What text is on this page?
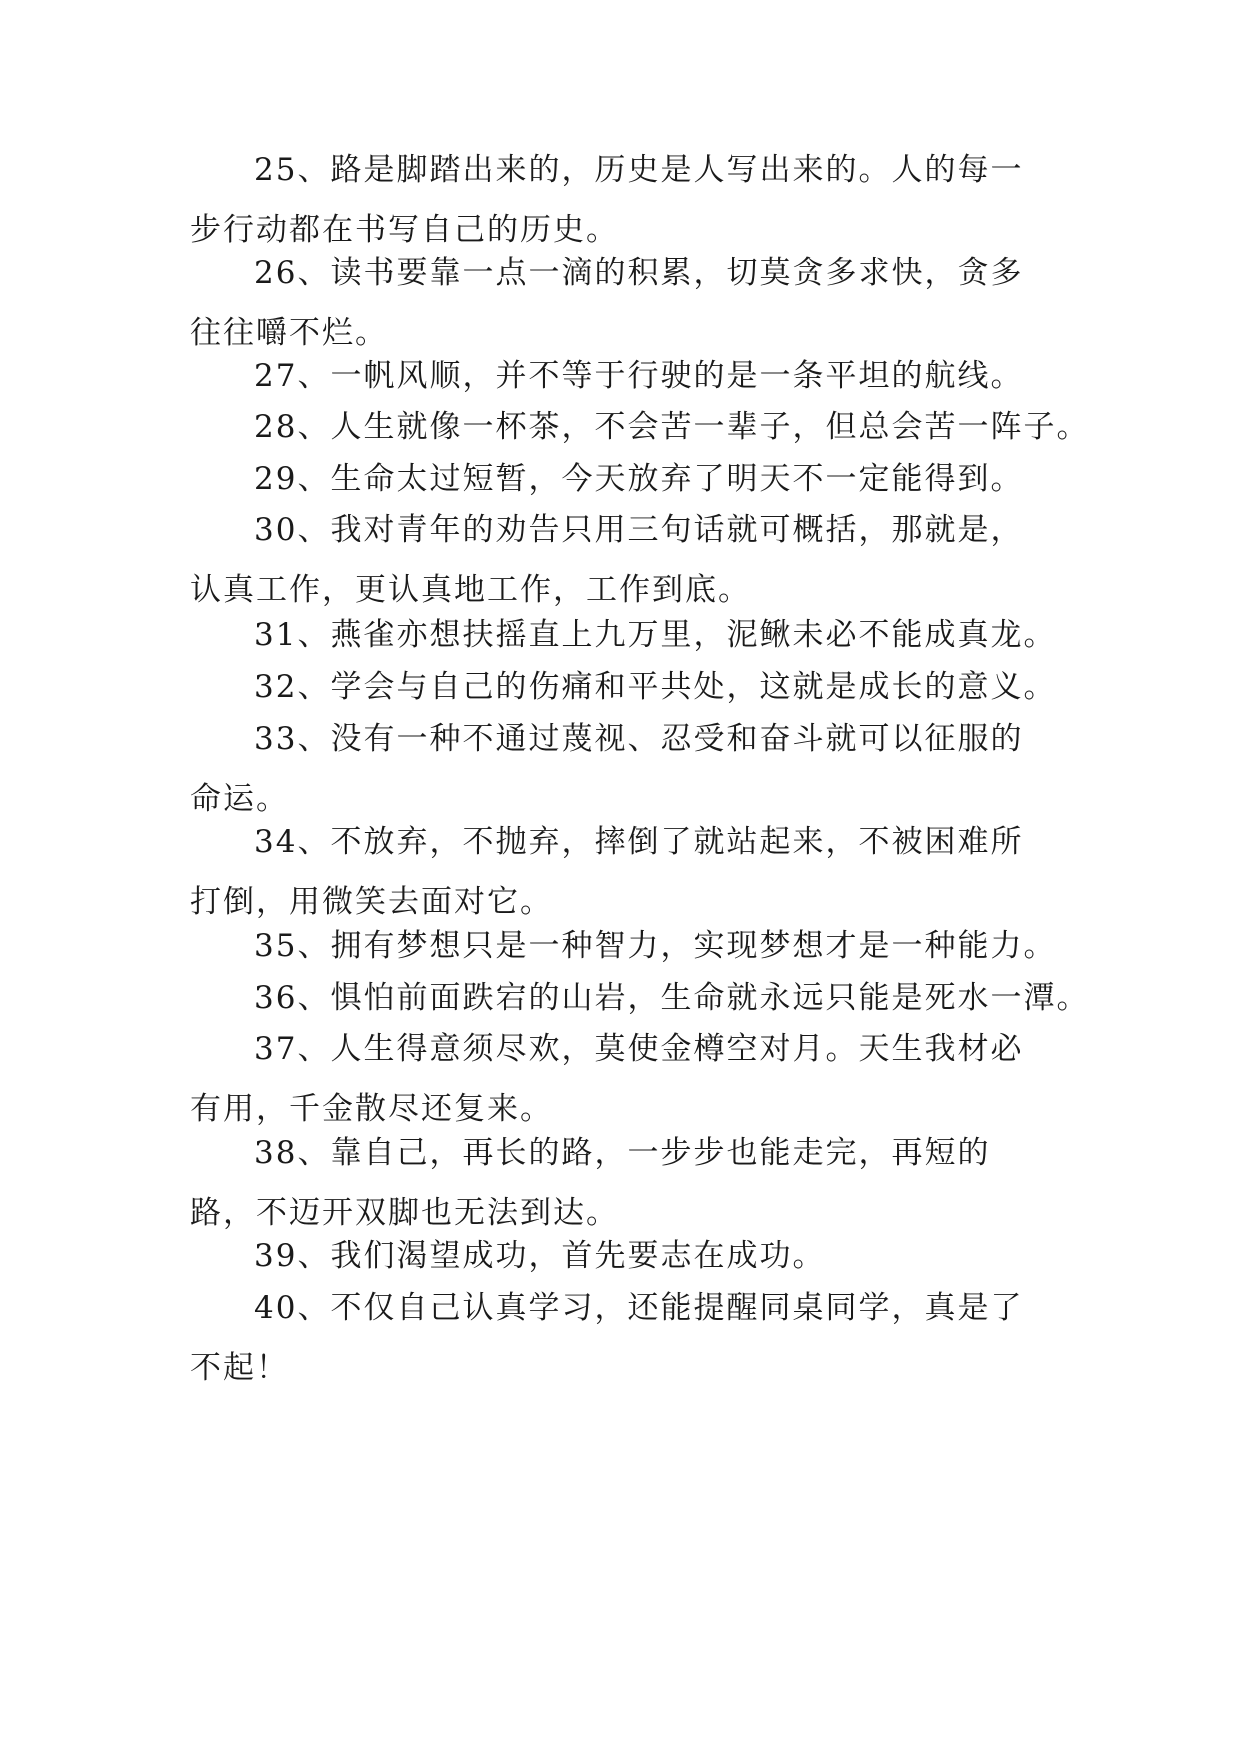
25、路是脚踏出来的，历史是人写出来的。人的每一步行动都在书写自己的历史。

26、读书要靠一点一滴的积累，切莫贪多求快，贪多往往嚼不烂。

27、一帆风顺，并不等于行驶的是一条平坦的航线。

28、人生就像一杯茶，不会苦一辈子，但总会苦一阵子。

29、生命太过短暂，今天放弃了明天不一定能得到。

30、我对青年的劝告只用三句话就可概括，那就是，认真工作，更认真地工作，工作到底。

31、燕雀亦想扶摇直上九万里，泥鳅未必不能成真龙。

32、学会与自己的伤痛和平共处，这就是成长的意义。

33、没有一种不通过蔑视、忍受和奋斗就可以征服的命运。

34、不放弃，不抛弃，摔倒了就站起来，不被困难所打倒，用微笑去面对它。

35、拥有梦想只是一种智力，实现梦想才是一种能力。

36、惧怕前面跌宕的山岩，生命就永远只能是死水一潭。

37、人生得意须尽欢，莫使金樽空对月。天生我材必有用，千金散尽还复来。

38、靠自己，再长的路，一步步也能走完，再短的路，不迈开双脚也无法到达。

39、我们渴望成功，首先要志在成功。

40、不仅自己认真学习，还能提醒同桌同学，真是了不起！
